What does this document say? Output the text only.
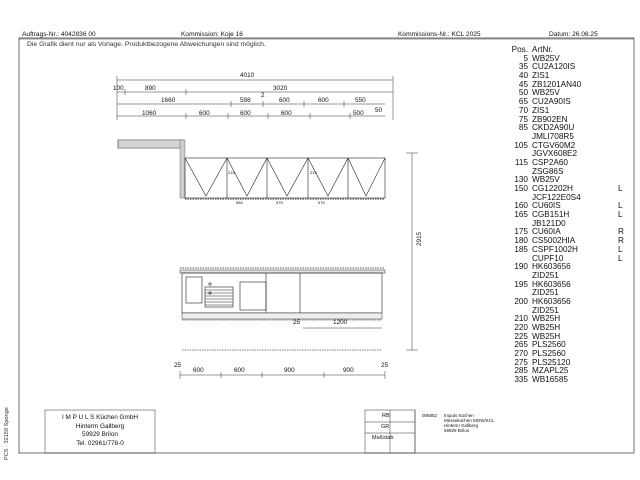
Auftrags-Nr.: 4042836 00	Kommission: Koje 16	Kommissions-Nr.: KCL 2025	Datum: 26.08.25
Die Grafik dient nur als Vorlage. Produktbezogene Abweichungen sind möglich.
4010
100	890	3020
50
1660	598
2
600	600	550
1060	600	600	600	500
2915
1200
25
25
600	600	900	900
25
215
565	575
215
575
Pos. ArtNr.
5 WB25V
35 CU2A120IS
40 ZIS1
45 ZB1201AN40
50 WB25V
65 CU2A90IS
70 ZIS1
75 ZB902EN
85 CKD2A90U
JMLI708R5
105 CTGV60M2
JGVX608E2
115 CSP2A60
ZSG86S
130 WB25V
150 CG12202H	L
JCF122E0S4
160 CU60IS	L
165 CGB151H	L
JB121D0
175 CU60IA	R
180 CS5002HIA	R
185 CSPF1002H	L
CUPF10	L
190 HK603656
ZID251
195 HK603656
ZID251
200 HK603656
ZID251
210 WB25H
220 WB25H
225 WB25H
265 PLS2560
270 PLS2560
275 PLS25120
285 MZAPL25
335 WB16585
I M P U L S Küchen GmbH
Hinterm Gallberg
59929 Brilon
Tel. 02961/778-0
RB
GR
Maßstab
006852 Impuls Küchen
Messeküchen MOW/KCL
Hinterm Gallberg
59929 Brilon
PCS · 32159 Sponge
